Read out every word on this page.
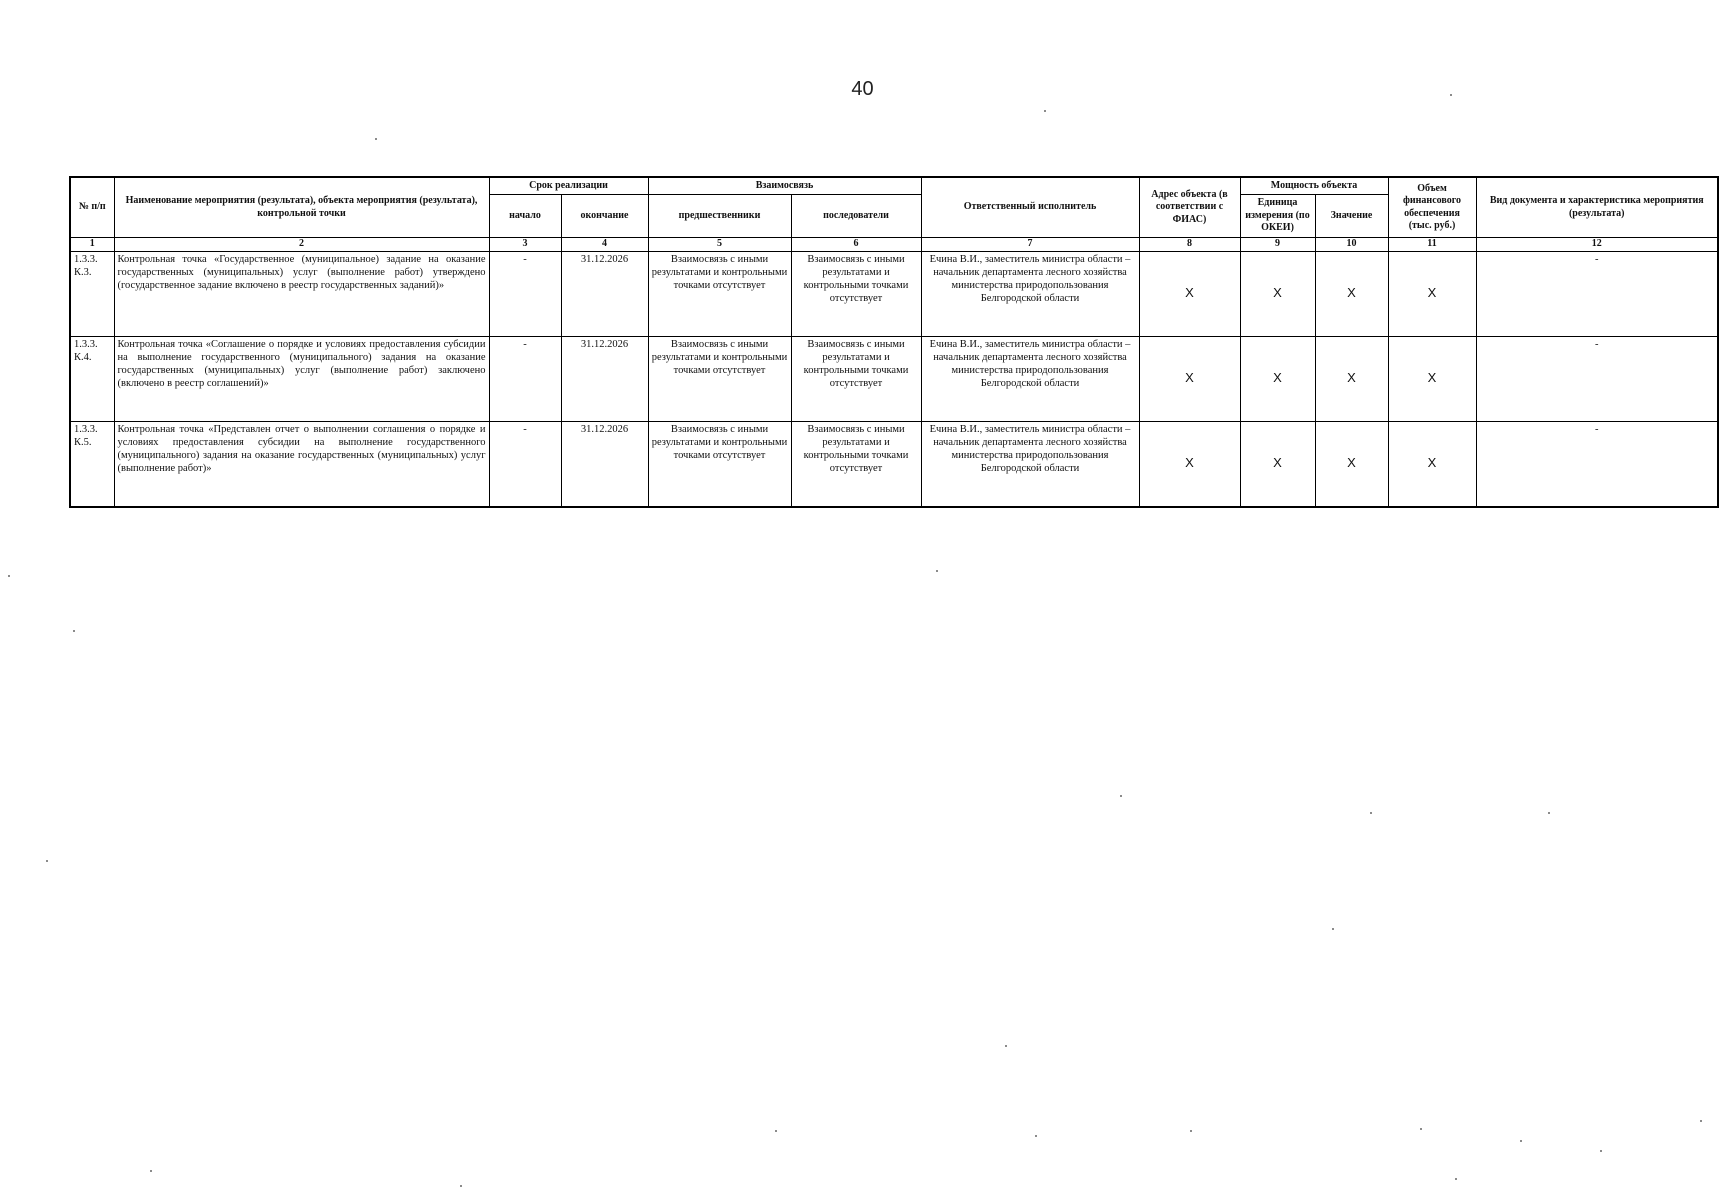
40
№ п/п	Наименование мероприятия (результата), объекта мероприятия (результата), контрольной точки	Срок реализации		Взаимосвязь		Ответственный исполнитель	Адрес объекта (в соответствии с ФИАС)	Мощность объекта		Объем финансового обеспечения (тыс. руб.)	Вид документа и характеристика мероприятия (результата)
		начало	окончание	предшественники	последователи			Единица измерения (по ОКЕИ)	Значение		
1	2	3	4	5	6	7	8	9	10	11	12
1.3.3. К.3.	Контрольная точка «Государственное (муниципальное) задание на оказание государственных (муниципальных) услуг (выполнение работ) утверждено (государственное задание включено в реестр государственных заданий)»	-	31.12.2026	Взаимосвязь с иными результатами и контрольными точками отсутствует	Взаимосвязь с иными результатами и контрольными точками отсутствует	Ечина В.И., заместитель министра области – начальник департамента лесного хозяйства министерства природопользования Белгородской области	X	X	X	X	-
1.3.3. К.4.	Контрольная точка «Соглашение о порядке и условиях предоставления субсидии на выполнение государственного (муниципального) задания на оказание государственных (муниципальных) услуг (выполнение работ) заключено (включено в реестр соглашений)»	-	31.12.2026	Взаимосвязь с иными результатами и контрольными точками отсутствует	Взаимосвязь с иными результатами и контрольными точками отсутствует	Ечина В.И., заместитель министра области – начальник департамента лесного хозяйства министерства природопользования Белгородской области	X	X	X	X	-
1.3.3. К.5.	Контрольная точка «Представлен отчет о выполнении соглашения о порядке и условиях предоставления субсидии на выполнение государственного (муниципального) задания на оказание государственных (муниципальных) услуг (выполнение работ)»	-	31.12.2026	Взаимосвязь с иными результатами и контрольными точками отсутствует	Взаимосвязь с иными результатами и контрольными точками отсутствует	Ечина В.И., заместитель министра области – начальник департамента лесного хозяйства министерства природопользования Белгородской области	X	X	X	X	-
